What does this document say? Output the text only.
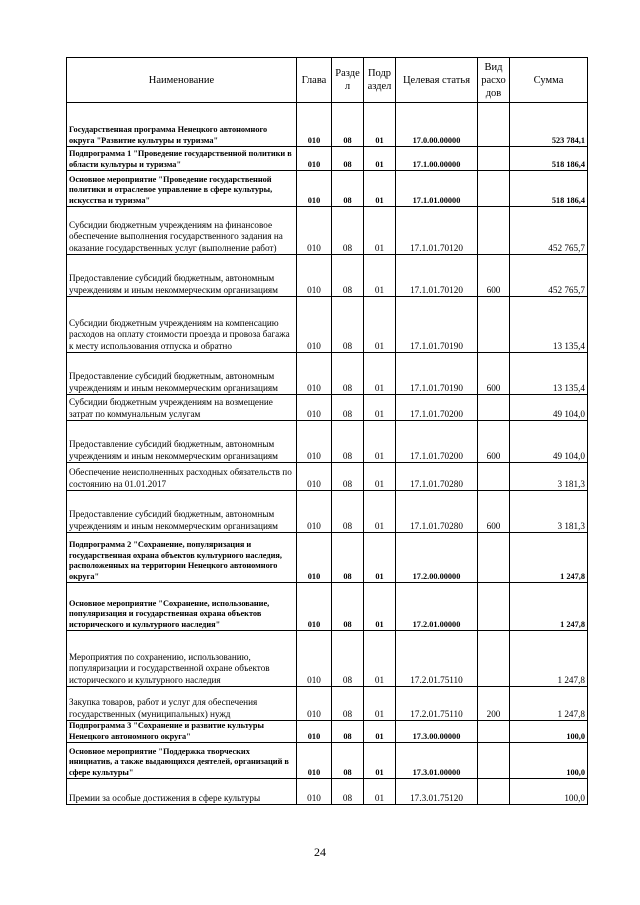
Наименование	Глава	Разде л	Подр аздел	Целевая статья	Вид расхо дов	Сумма
Государственная программа Ненецкого автономного округа "Развитие культуры и туризма"	010	08	01	17.0.00.00000		523 784,1
Подпрограмма 1 "Проведение государственной политики в области культуры и туризма"	010	08	01	17.1.00.00000		518 186,4
Основное мероприятие "Проведение государственной политики и отраслевое управление в сфере культуры, искусства и туризма"	010	08	01	17.1.01.00000		518 186,4
Субсидии бюджетным учреждениям на финансовое обеспечение выполнения государственного задания на оказание государственных услуг (выполнение работ)	010	08	01	17.1.01.70120		452 765,7
Предоставление субсидий бюджетным, автономным учреждениям и иным некоммерческим организациям	010	08	01	17.1.01.70120	600	452 765,7
Субсидии бюджетным учреждениям на компенсацию расходов на оплату стоимости проезда и провоза багажа к месту использования отпуска и обратно	010	08	01	17.1.01.70190		13 135,4
Предоставление субсидий бюджетным, автономным учреждениям и иным некоммерческим организациям	010	08	01	17.1.01.70190	600	13 135,4
Субсидии бюджетным учреждениям на возмещение затрат по коммунальным услугам	010	08	01	17.1.01.70200		49 104,0
Предоставление субсидий бюджетным, автономным учреждениям и иным некоммерческим организациям	010	08	01	17.1.01.70200	600	49 104,0
Обеспечение неисполненных расходных обязательств по состоянию на 01.01.2017	010	08	01	17.1.01.70280		3 181,3
Предоставление субсидий бюджетным, автономным учреждениям и иным некоммерческим организациям	010	08	01	17.1.01.70280	600	3 181,3
Подпрограмма 2 "Сохранение, популяризация и государственная охрана объектов культурного наследия, расположенных на территории Ненецкого автономного округа"	010	08	01	17.2.00.00000		1 247,8
Основное мероприятие "Сохранение, использование, популяризация и государственная охрана объектов исторического и культурного наследия"	010	08	01	17.2.01.00000		1 247,8
Мероприятия по сохранению, использованию, популяризации и государственной охране объектов исторического и культурного наследия	010	08	01	17.2.01.75110		1 247,8
Закупка товаров, работ и услуг для обеспечения государственных (муниципальных) нужд	010	08	01	17.2.01.75110	200	1 247,8
Подпрограмма 3 "Сохранение и развитие культуры Ненецкого автономного округа"	010	08	01	17.3.00.00000		100,0
Основное мероприятие "Поддержка творческих инициатив, а также выдающихся деятелей, организаций в сфере культуры"	010	08	01	17.3.01.00000		100,0
Премии за особые достижения в сфере культуры	010	08	01	17.3.01.75120		100,0
24
